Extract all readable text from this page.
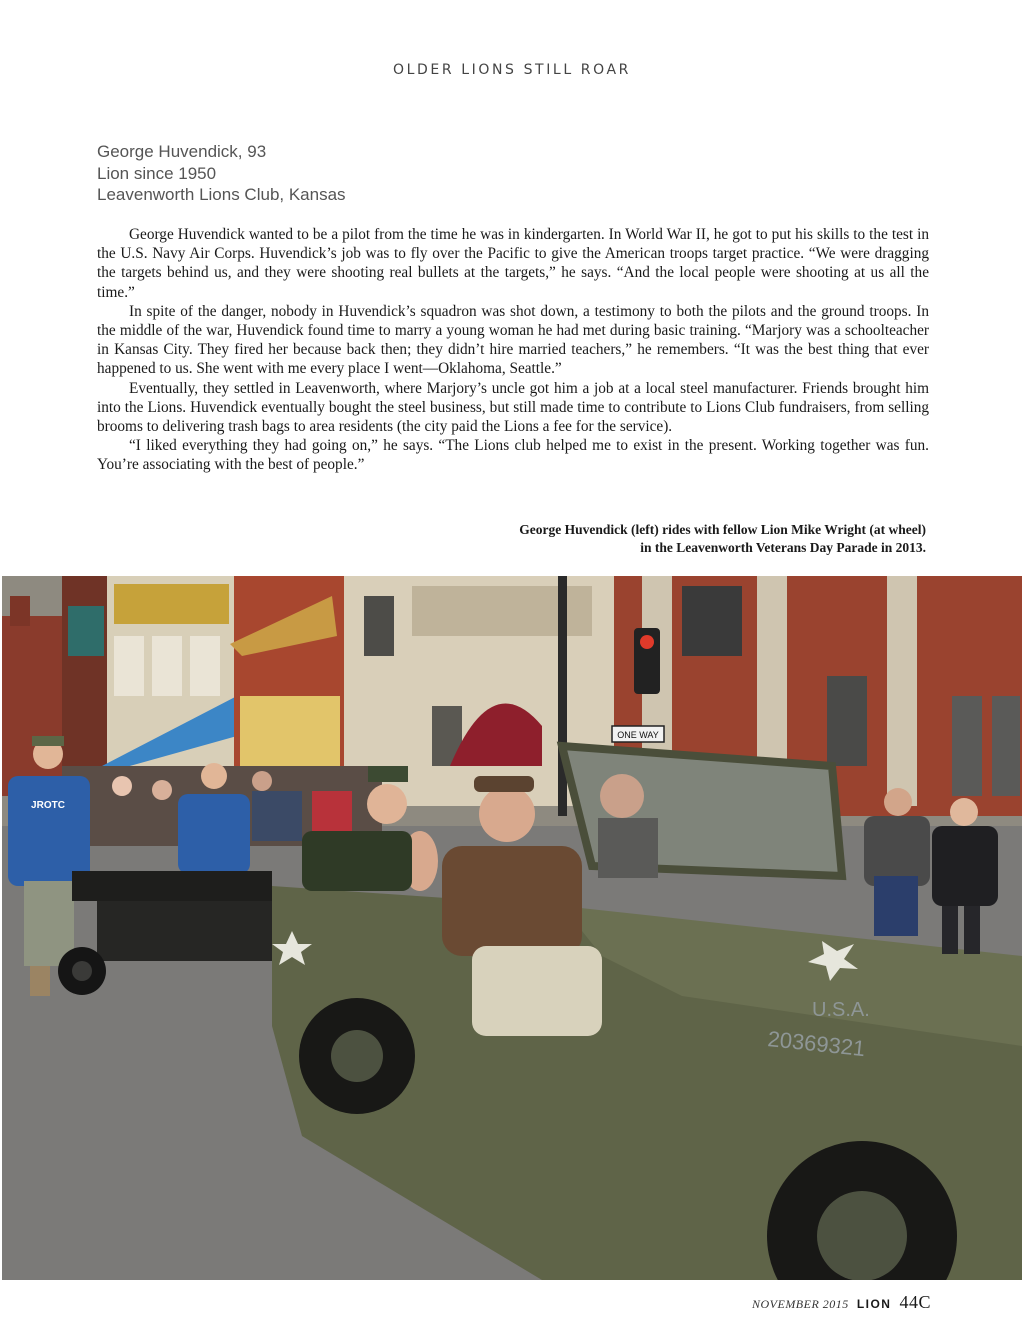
OLDER LIONS STILL ROAR
George Huvendick, 93
Lion since 1950
Leavenworth Lions Club, Kansas

George Huvendick wanted to be a pilot from the time he was in kindergarten. In World War II, he got to put his skills to the test in the U.S. Navy Air Corps. Huvendick’s job was to fly over the Pacific to give the American troops target practice. “We were dragging the targets behind us, and they were shooting real bullets at the targets,” he says. “And the local people were shooting at us all the time.”

In spite of the danger, nobody in Huvendick’s squadron was shot down, a testimony to both the pilots and the ground troops. In the middle of the war, Huvendick found time to marry a young woman he had met during basic training. “Marjory was a schoolteacher in Kansas City. They fired her because back then; they didn’t hire married teachers,” he remembers. “It was the best thing that ever happened to us. She went with me every place I went—Oklahoma, Seattle.”

Eventually, they settled in Leavenworth, where Marjory’s uncle got him a job at a local steel manufacturer. Friends brought him into the Lions. Huvendick eventually bought the steel business, but still made time to contribute to Lions Club fundraisers, from selling brooms to delivering trash bags to area residents (the city paid the Lions a fee for the service).

“I liked everything they had going on,” he says. “The Lions club helped me to exist in the present. Working together was fun. You’re associating with the best of people.”

George Huvendick (left) rides with fellow Lion Mike Wright (at wheel)
in the Leavenworth Veterans Day Parade in 2013.
ONE WAY
JROTC
U.S.A.
20369321
NOVEMBER 2015 LION 44C
